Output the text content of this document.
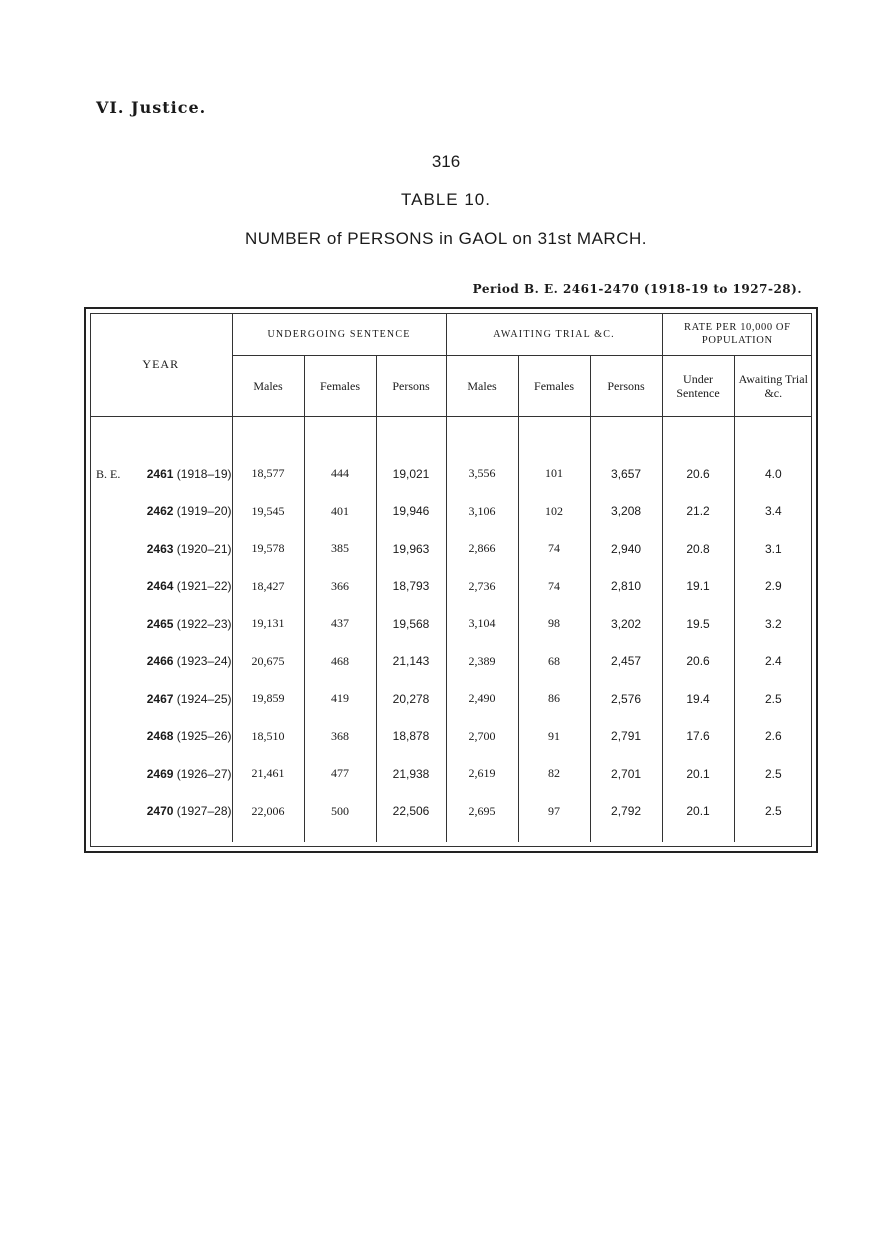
VI. Justice.
316
TABLE 10.
NUMBER of PERSONS in GAOL on 31st MARCH.
Period B. E. 2461-2470 (1918-19 to 1927-28).
YEAR	UNDERGOING SENTENCE			AWAITING TRIAL &C.			RATE PER 10,000 OF POPULATION	
	Males	Females	Persons	Males	Females	Persons	Under Sentence	Awaiting Trial &c.

B. E. 2461 (1918–19)	18,577	444	19,021	3,556	101	3,657	20.6	4.0
2462 (1919–20)	19,545	401	19,946	3,106	102	3,208	21.2	3.4
2463 (1920–21)	19,578	385	19,963	2,866	74	2,940	20.8	3.1
2464 (1921–22)	18,427	366	18,793	2,736	74	2,810	19.1	2.9
2465 (1922–23)	19,131	437	19,568	3,104	98	3,202	19.5	3.2
2466 (1923–24)	20,675	468	21,143	2,389	68	2,457	20.6	2.4
2467 (1924–25)	19,859	419	20,278	2,490	86	2,576	19.4	2.5
2468 (1925–26)	18,510	368	18,878	2,700	91	2,791	17.6	2.6
2469 (1926–27)	21,461	477	21,938	2,619	82	2,701	20.1	2.5
2470 (1927–28)	22,006	500	22,506	2,695	97	2,792	20.1	2.5
